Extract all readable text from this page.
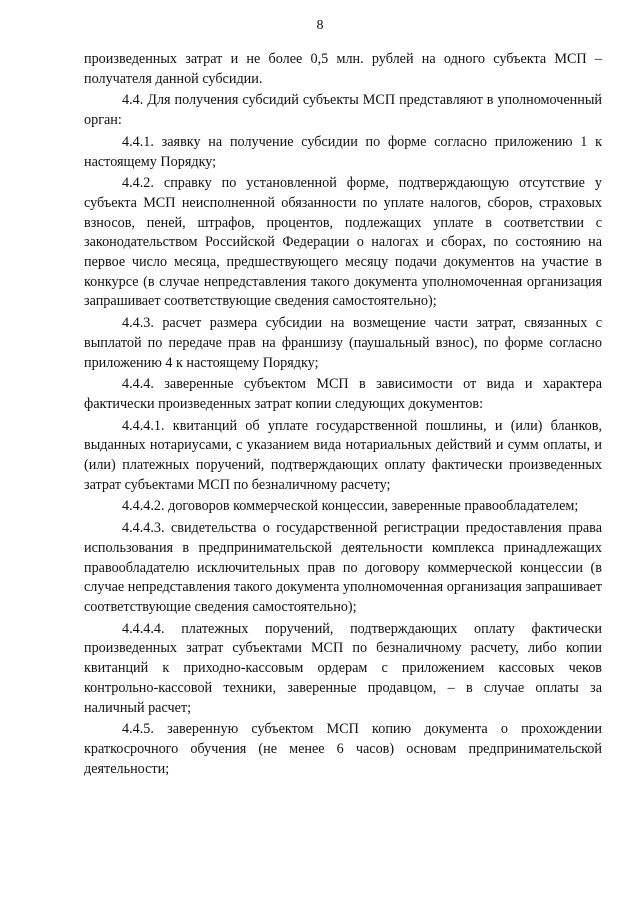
8

произведенных затрат и не более 0,5 млн. рублей на одного субъекта МСП – получателя данной субсидии.

4.4. Для получения субсидий субъекты МСП представляют в уполномоченный орган:

4.4.1. заявку на получение субсидии по форме согласно приложению 1 к настоящему Порядку;

4.4.2. справку по установленной форме, подтверждающую отсутствие у субъекта МСП неисполненной обязанности по уплате налогов, сборов, страховых взносов, пеней, штрафов, процентов, подлежащих уплате в соответствии с законодательством Российской Федерации о налогах и сборах, по состоянию на первое число месяца, предшествующего месяцу подачи документов на участие в конкурсе (в случае непредставления такого документа уполномоченная организация запрашивает соответствующие сведения самостоятельно);

4.4.3. расчет размера субсидии на возмещение части затрат, связанных с выплатой по передаче прав на франшизу (паушальный взнос), по форме согласно приложению 4 к настоящему Порядку;

4.4.4. заверенные субъектом МСП в зависимости от вида и характера фактически произведенных затрат копии следующих документов:

4.4.4.1. квитанций об уплате государственной пошлины, и (или) бланков, выданных нотариусами, с указанием вида нотариальных действий и сумм оплаты, и (или) платежных поручений, подтверждающих оплату фактически произведенных затрат субъектами МСП по безналичному расчету;

4.4.4.2. договоров коммерческой концессии, заверенные правообладателем;

4.4.4.3. свидетельства о государственной регистрации предоставления права использования в предпринимательской деятельности комплекса принадлежащих правообладателю исключительных прав по договору коммерческой концессии (в случае непредставления такого документа уполномоченная организация запрашивает соответствующие сведения самостоятельно);

4.4.4.4. платежных поручений, подтверждающих оплату фактически произведенных затрат субъектами МСП по безналичному расчету, либо копии квитанций к приходно-кассовым ордерам с приложением кассовых чеков контрольно-кассовой техники, заверенные продавцом, – в случае оплаты за наличный расчет;

4.4.5. заверенную субъектом МСП копию документа о прохождении краткосрочного обучения (не менее 6 часов) основам предпринимательской деятельности;
